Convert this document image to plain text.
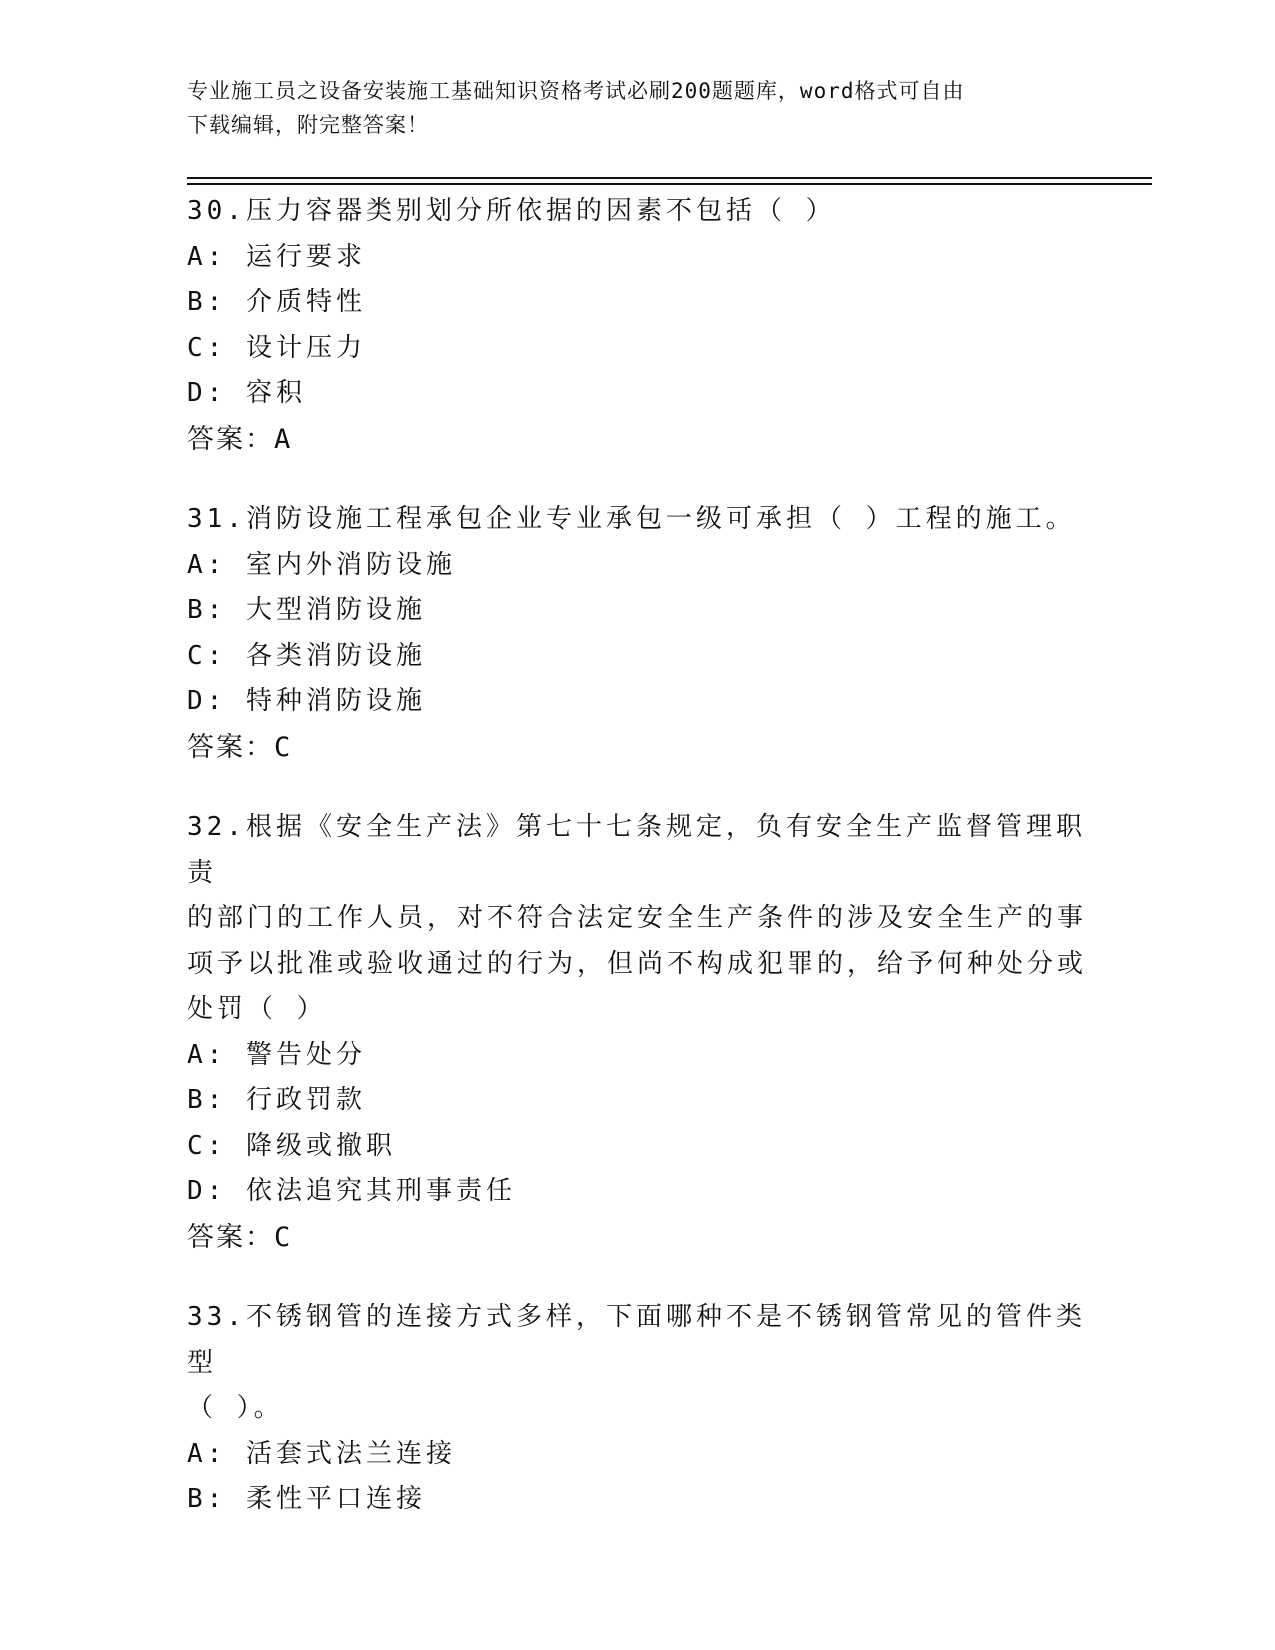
专业施工员之设备安装施工基础知识资格考试必刷200题题库，word格式可自由
下载编辑，附完整答案！
30.压力容器类别划分所依据的因素不包括（ ）
A: 运行要求
B: 介质特性
C: 设计压力
D: 容积
答案：A
31.消防设施工程承包企业专业承包一级可承担（ ）工程的施工。
A: 室内外消防设施
B: 大型消防设施
C: 各类消防设施
D: 特种消防设施
答案：C
32.根据《安全生产法》第七十七条规定，负有安全生产监督管理职责
的部门的工作人员，对不符合法定安全生产条件的涉及安全生产的事
项予以批准或验收通过的行为，但尚不构成犯罪的，给予何种处分或
处罚（ ）
A: 警告处分
B: 行政罚款
C: 降级或撤职
D: 依法追究其刑事责任
答案：C
33.不锈钢管的连接方式多样，下面哪种不是不锈钢管常见的管件类型
（ ）。
A: 活套式法兰连接
B: 柔性平口连接
